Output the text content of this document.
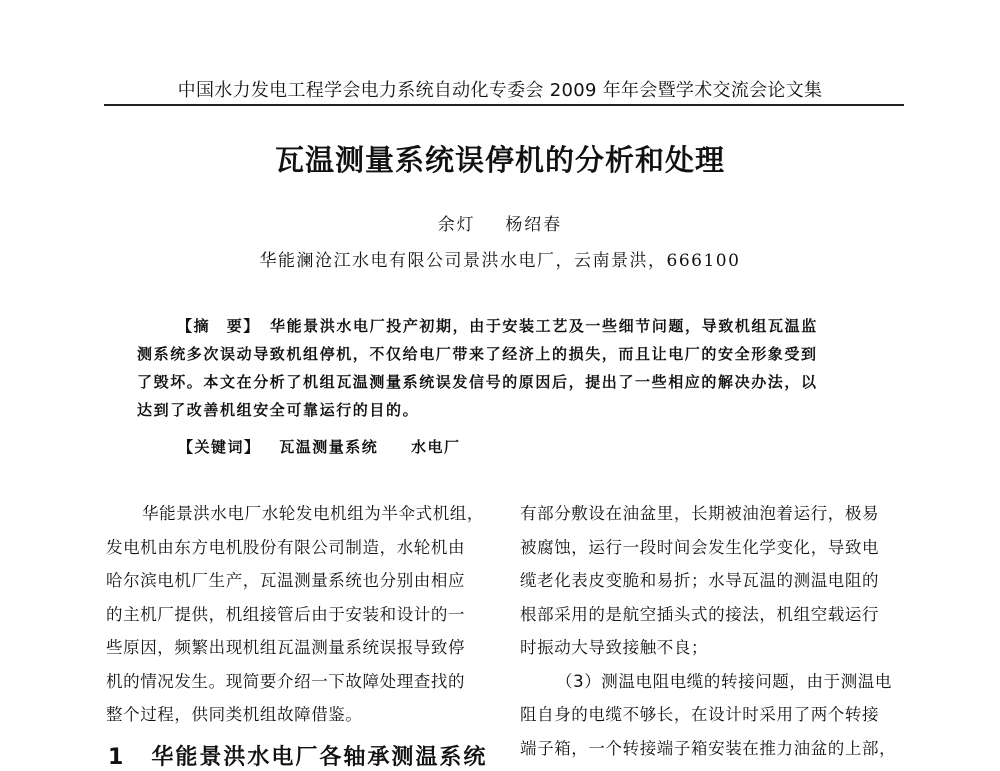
中国水力发电工程学会电力系统自动化专委会 2009 年年会暨学术交流会论文集
瓦温测量系统误停机的分析和处理
余灯 杨绍春
华能澜沧江水电有限公司景洪水电厂，云南景洪，666100
【摘　要】 华能景洪水电厂投产初期，由于安装工艺及一些细节问题，导致机组瓦温监
测系统多次误动导致机组停机，不仅给电厂带来了经济上的损失，而且让电厂的安全形象受到
了毁坏。本文在分析了机组瓦温测量系统误发信号的原因后，提出了一些相应的解决办法，以
达到了改善机组安全可靠运行的目的。
【关键词】 瓦温测量系统 水电厂

华能景洪水电厂水轮发电机组为半伞式机组，

发电机由东方电机股份有限公司制造，水轮机由

哈尔滨电机厂生产，瓦温测量系统也分别由相应

的主机厂提供，机组接管后由于安装和设计的一

些原因，频繁出现机组瓦温测量系统误报导致停

机的情况发生。现简要介绍一下故障处理查找的

整个过程，供同类机组故障借鉴。

1 华能景洪水电厂各轴承测温系统

有部分敷设在油盆里，长期被油泡着运行，极易

被腐蚀，运行一段时间会发生化学变化，导致电

缆老化表皮变脆和易折；水导瓦温的测温电阻的

根部采用的是航空插头式的接法，机组空载运行

时振动大导致接触不良；

（3）测温电阻电缆的转接问题，由于测温电

阻自身的电缆不够长，在设计时采用了两个转接

端子箱，一个转接端子箱安装在推力油盆的上部，
